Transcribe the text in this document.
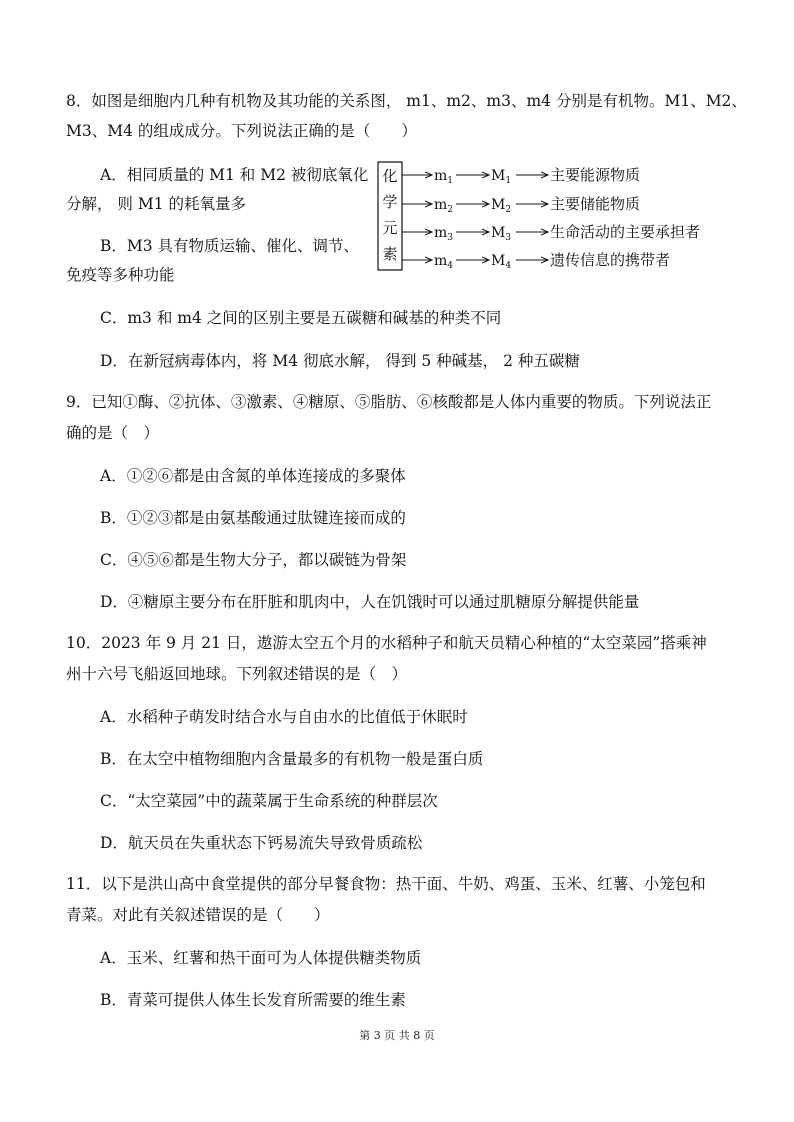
8．如图是细胞内几种有机物及其功能的关系图， m1、m2、m3、m4 分别是有机物。M1、M2、
M3、M4 的组成成分。下列说法正确的是（　　）
A．相同质量的 M1 和 M2 被彻底氧化
分解， 则 M1 的耗氧量多
B．M3 具有物质运输、催化、调节、
免疫等多种功能
C．m3 和 m4 之间的区别主要是五碳糖和碱基的种类不同
D．在新冠病毒体内，将 M4 彻底水解， 得到 5 种碱基， 2 种五碳糖
化
学
元
素
$m_1$	$M_1$	主要能源物质
$m_2$	$M_2$	主要储能物质
$m_3$	$M_3$	生命活动的主要承担者
$m_4$	$M_4$	遗传信息的携带者
9．已知①酶、②抗体、③激素、④糖原、⑤脂肪、⑥核酸都是人体内重要的物质。下列说法正
确的是（　）
A．①②⑥都是由含氮的单体连接成的多聚体
B．①②③都是由氨基酸通过肽键连接而成的
C．④⑤⑥都是生物大分子，都以碳链为骨架
D．④糖原主要分布在肝脏和肌肉中，人在饥饿时可以通过肌糖原分解提供能量
10．2023 年 9 月 21 日，遨游太空五个月的水稻种子和航天员精心种植的“太空菜园”搭乘神
州十六号飞船返回地球。下列叙述错误的是（　）
A．水稻种子萌发时结合水与自由水的比值低于休眠时
B．在太空中植物细胞内含量最多的有机物一般是蛋白质
C．“太空菜园”中的蔬菜属于生命系统的种群层次
D．航天员在失重状态下钙易流失导致骨质疏松
11．以下是洪山高中食堂提供的部分早餐食物：热干面、牛奶、鸡蛋、玉米、红薯、小笼包和
青菜。对此有关叙述错误的是（　　）
A．玉米、红薯和热干面可为人体提供糖类物质
B．青菜可提供人体生长发育所需要的维生素
第 3 页 共 8 页
